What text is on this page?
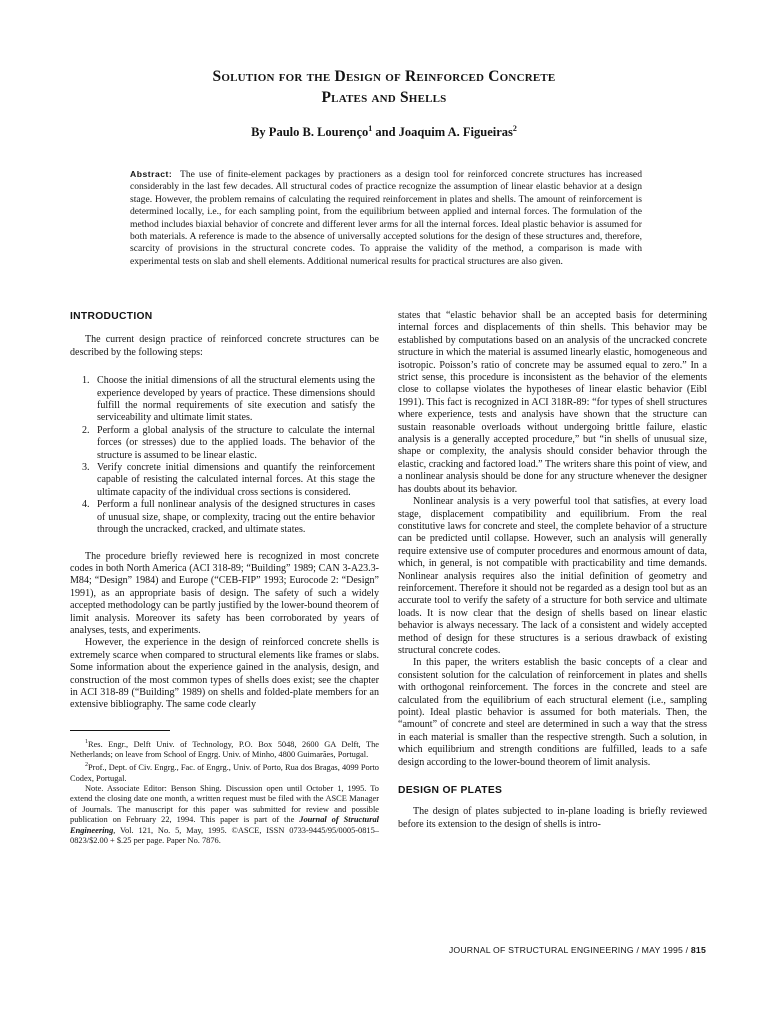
Solution for the Design of Reinforced Concrete
Plates and Shells
By Paulo B. Lourenço$^1$ and Joaquim A. Figueiras$^2$
Abstract: The use of finite-element packages by practioners as a design tool for reinforced concrete structures has increased considerably in the last few decades. All structural codes of practice recognize the assumption of linear elastic behavior at a design stage. However, the problem remains of calculating the required reinforcement in plates and shells. The amount of reinforcement is determined locally, i.e., for each sampling point, from the equilibrium between applied and internal forces. The formulation of the method includes biaxial behavior of concrete and different lever arms for all the internal forces. Ideal plastic behavior is assumed for both materials. A reference is made to the absence of universally accepted solutions for the design of these structures and, therefore, scarcity of provisions in the structural concrete codes. To appraise the validity of the method, a comparison is made with experimental tests on slab and shell elements. Additional numerical results for practical structures are also given.
INTRODUCTION

The current design practice of reinforced concrete structures can be described by the following steps:

1. Choose the initial dimensions of all the structural elements using the experience developed by years of practice. These dimensions should fulfill the normal requirements of site execution and satisfy the serviceability and ultimate limit states.
2. Perform a global analysis of the structure to calculate the internal forces (or stresses) due to the applied loads. The behavior of the structure is assumed to be linear elastic.
3. Verify concrete initial dimensions and quantify the reinforcement capable of resisting the calculated internal forces. At this stage the ultimate capacity of the individual cross sections is considered.
4. Perform a full nonlinear analysis of the designed structures in cases of unusual size, shape, or complexity, tracing out the entire behavior through the uncracked, cracked, and ultimate states.

The procedure briefly reviewed here is recognized in most concrete codes in both North America (ACI 318-89; “Building” 1989; CAN 3-A23.3-M84; “Design” 1984) and Europe (“CEB-FIP” 1993; Eurocode 2: “Design” 1991), as an appropriate basis of design. The safety of such a widely accepted methodology can be partly justified by the lower-bound theorem of limit analysis. Moreover its safety has been corroborated by years of analyses, tests, and experiments.

However, the experience in the design of reinforced concrete shells is extremely scarce when compared to structural elements like frames or slabs. Some information about the experience gained in the analysis, design, and construction of the most common types of shells does exist; see the chapter in ACI 318-89 (“Building” 1989) on shells and folded-plate members for an extensive bibliography. The same code clearly

$^1$Res. Engr., Delft Univ. of Technology, P.O. Box 5048, 2600 GA Delft, The Netherlands; on leave from School of Engrg. Univ. of Minho, 4800 Guimarães, Portugal.

$^2$Prof., Dept. of Civ. Engrg., Fac. of Engrg., Univ. of Porto, Rua dos Bragas, 4099 Porto Codex, Portugal.

Note. Associate Editor: Benson Shing. Discussion open until October 1, 1995. To extend the closing date one month, a written request must be filed with the ASCE Manager of Journals. The manuscript for this paper was submitted for review and possible publication on February 22, 1994. This paper is part of the Journal of Structural Engineering, Vol. 121, No. 5, May, 1995. ©ASCE, ISSN 0733-9445/95/0005-0815–0823/$2.00 + $.25 per page. Paper No. 7876.

states that “elastic behavior shall be an accepted basis for determining internal forces and displacements of thin shells. This behavior may be established by computations based on an analysis of the uncracked concrete structure in which the material is assumed linearly elastic, homogeneous and isotropic. Poisson’s ratio of concrete may be assumed equal to zero.” In a strict sense, this procedure is inconsistent as the behavior of the elements close to collapse violates the hypotheses of linear elastic behavior (Eibl 1991). This fact is recognized in ACI 318R-89: “for types of shell structures where experience, tests and analysis have shown that the structure can sustain reasonable overloads without undergoing brittle failure, elastic analysis is a generally accepted procedure,” but “in shells of unusual size, shape or complexity, the analysis should consider behavior through the elastic, cracking and factored load.” The writers share this point of view, and a nonlinear analysis should be done for any structure whenever the designer has doubts about its behavior.

Nonlinear analysis is a very powerful tool that satisfies, at every load stage, displacement compatibility and equilibrium. From the real constitutive laws for concrete and steel, the complete behavior of a structure can be predicted until collapse. However, such an analysis will generally require extensive use of computer procedures and enormous amount of data, which, in general, is not compatible with practicability and time demands. Nonlinear analysis requires also the initial definition of geometry and reinforcement. Therefore it should not be regarded as a design tool but as an accurate tool to verify the safety of a structure for both service and ultimate loads. It is now clear that the design of shells based on linear elastic behavior is always necessary. The lack of a consistent and widely accepted method of design for these structures is a serious drawback of existing structural concrete codes.

In this paper, the writers establish the basic concepts of a clear and consistent solution for the calculation of reinforcement in plates and shells with orthogonal reinforcement. The forces in the concrete and steel are calculated from the equilibrium of each structural element (i.e., sampling point). Ideal plastic behavior is assumed for both materials. Then, the “amount” of concrete and steel are determined in such a way that the stress in each material is smaller than the respective strength. Such a solution, in which equilibrium and strength conditions are fulfilled, leads to a safe design according to the lower-bound theorem of limit analysis.

DESIGN OF PLATES

The design of plates subjected to in-plane loading is briefly reviewed before its extension to the design of shells is intro-

JOURNAL OF STRUCTURAL ENGINEERING / MAY 1995 / 815
